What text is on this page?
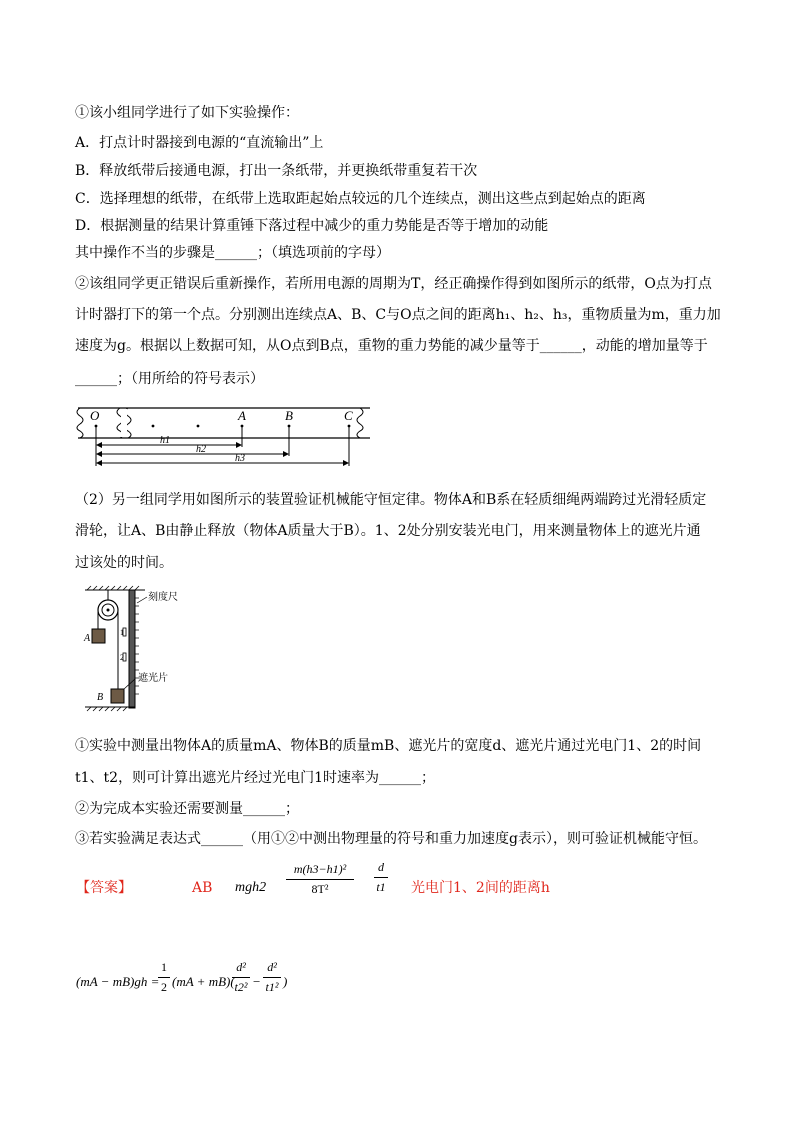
①该小组同学进行了如下实验操作：
A．打点计时器接到电源的“直流输出”上
B．释放纸带后接通电源，打出一条纸带，并更换纸带重复若干次
C．选择理想的纸带，在纸带上选取距起始点较远的几个连续点，测出这些点到起始点的距离
D．根据测量的结果计算重锤下落过程中减少的重力势能是否等于增加的动能
其中操作不当的步骤是______；（填选项前的字母）
②该组同学更正错误后重新操作，若所用电源的周期为T，经正确操作得到如图所示的纸带，O点为打点
计时器打下的第一个点。分别测出连续点A、B、C与O点之间的距离h₁、h₂、h₃，重物质量为m，重力加
速度为g。根据以上数据可知，从O点到B点，重物的重力势能的减少量等于______，动能的增加量等于
______；（用所给的符号表示）
O	A	B	C
h1
h2
h3
（2）另一组同学用如图所示的装置验证机械能守恒定律。物体A和B系在轻质细绳两端跨过光滑轻质定
滑轮，让A、B由静止释放（物体A质量大于B）。1、2处分别安装光电门，用来测量物体上的遮光片通
过该处的时间。
A
B
1
2
刻度尺
遮光片
①实验中测量出物体A的质量mA、物体B的质量mB、遮光片的宽度d、遮光片通过光电门1、2的时间
t1、t2，则可计算出遮光片经过光电门1时速率为______；
②为完成本实验还需要测量______；
③若实验满足表达式______（用①②中测出物理量的符号和重力加速度g表示），则可验证机械能守恒。
【答案】	AB mgh2
m(h3−h1)²
8T²
d
t1 光电门1、2间的距离h
(mA − mB)gh =
1
2 (mA + mB)(
d²
t2² −
d²
t1² )
